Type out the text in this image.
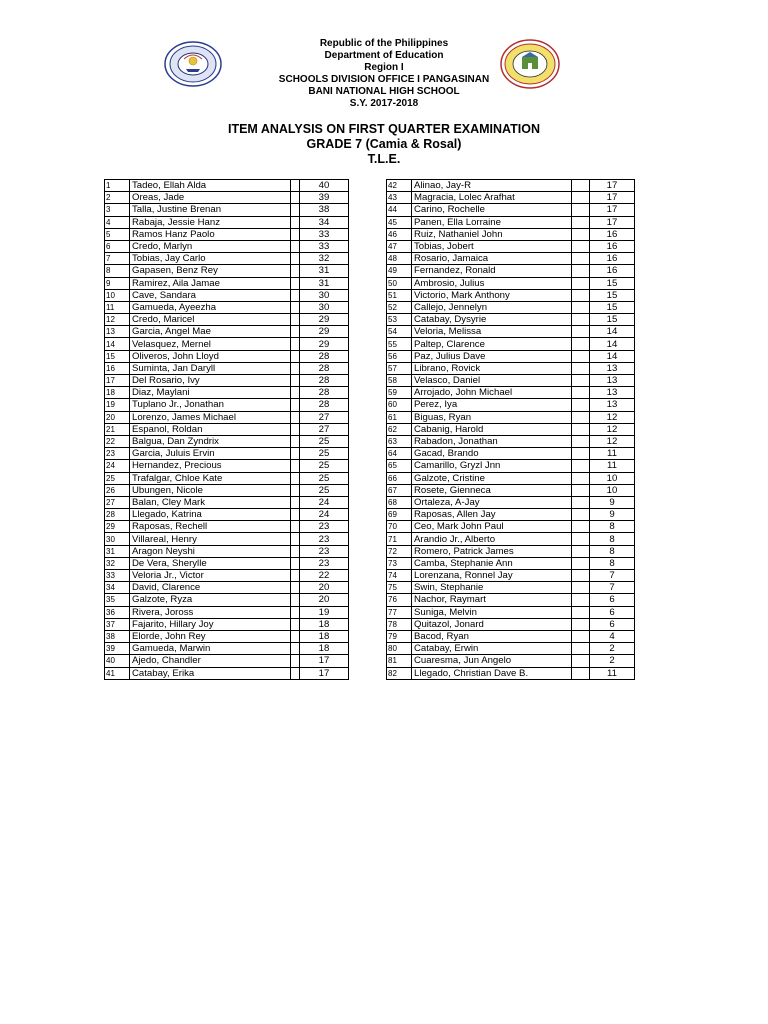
Republic of the Philippines
Department of Education
Region I
SCHOOLS DIVISION OFFICE I PANGASINAN
BANI NATIONAL HIGH SCHOOL
S.Y. 2017-2018
ITEM ANALYSIS ON FIRST QUARTER EXAMINATION
GRADE 7 (Camia & Rosal)
T.L.E.
1	Tadeo, Ellah Alda		40
2	Oreas, Jade		39
3	Talla, Justine Brenan		38
4	Rabaja, Jessie Hanz		34
5	Ramos Hanz Paolo		33
6	Credo, Marlyn		33
7	Tobias, Jay Carlo		32
8	Gapasen, Benz Rey		31
9	Ramirez, Aila Jamae		31
10	Cave, Sandara		30
11	Gamueda, Ayeezha		30
12	Credo, Maricel		29
13	Garcia, Angel Mae		29
14	Velasquez, Mernel		29
15	Oliveros, John Lloyd		28
16	Suminta, Jan Daryll		28
17	Del Rosario, Ivy		28
18	Diaz, Maylani		28
19	Tuplano Jr., Jonathan		28
20	Lorenzo, James Michael		27
21	Espanol, Roldan		27
22	Balgua, Dan Zyndrix		25
23	Garcia, Juluis Ervin		25
24	Hernandez, Precious		25
25	Trafalgar, Chloe Kate		25
26	Ubungen, Nicole		25
27	Balan, Cley Mark		24
28	Llegado, Katrina		24
29	Raposas, Rechell		23
30	Villareal, Henry		23
31	Aragon Neyshi		23
32	De Vera, Sherylle		23
33	Veloria Jr., Victor		22
34	David, Clarence		20
35	Galzote, Ryza		20
36	Rivera, Joross		19
37	Fajarito, Hillary Joy		18
38	Elorde, John Rey		18
39	Gamueda, Marwin		18
40	Ajedo, Chandler		17
41	Catabay, Erika		17
42	Alinao, Jay-R		17
43	Magracia, Lolec Arafhat		17
44	Carino, Rochelle		17
45	Panen, Ella Lorraine		17
46	Ruiz, Nathaniel John		16
47	Tobias, Jobert		16
48	Rosario, Jamaica		16
49	Fernandez, Ronald		16
50	Ambrosio, Julius		15
51	Victorio, Mark Anthony		15
52	Callejo, Jennelyn		15
53	Catabay, Dysyrie		15
54	Veloria, Melissa		14
55	Paltep, Clarence		14
56	Paz, Julius Dave		14
57	Librano, Rovick		13
58	Velasco, Daniel		13
59	Arrojado, John Michael		13
60	Perez, Iya		13
61	Biguas, Ryan		12
62	Cabanig, Harold		12
63	Rabadon, Jonathan		12
64	Gacad, Brando		11
65	Camarillo, Gryzl Jnn		11
66	Galzote, Cristine		10
67	Rosete, Gienneca		10
68	Ortaleza, A-Jay		9
69	Raposas, Allen Jay		9
70	Ceo, Mark John Paul		8
71	Arandio Jr., Alberto		8
72	Romero, Patrick James		8
73	Camba, Stephanie Ann		8
74	Lorenzana, Ronnel Jay		7
75	Swin, Stephanie		7
76	Nachor, Raymart		6
77	Suniga, Melvin		6
78	Quitazol, Jonard		6
79	Bacod, Ryan		4
80	Catabay, Erwin		2
81	Cuaresma, Jun Angelo		2
82	Llegado, Christian Dave B.		11
